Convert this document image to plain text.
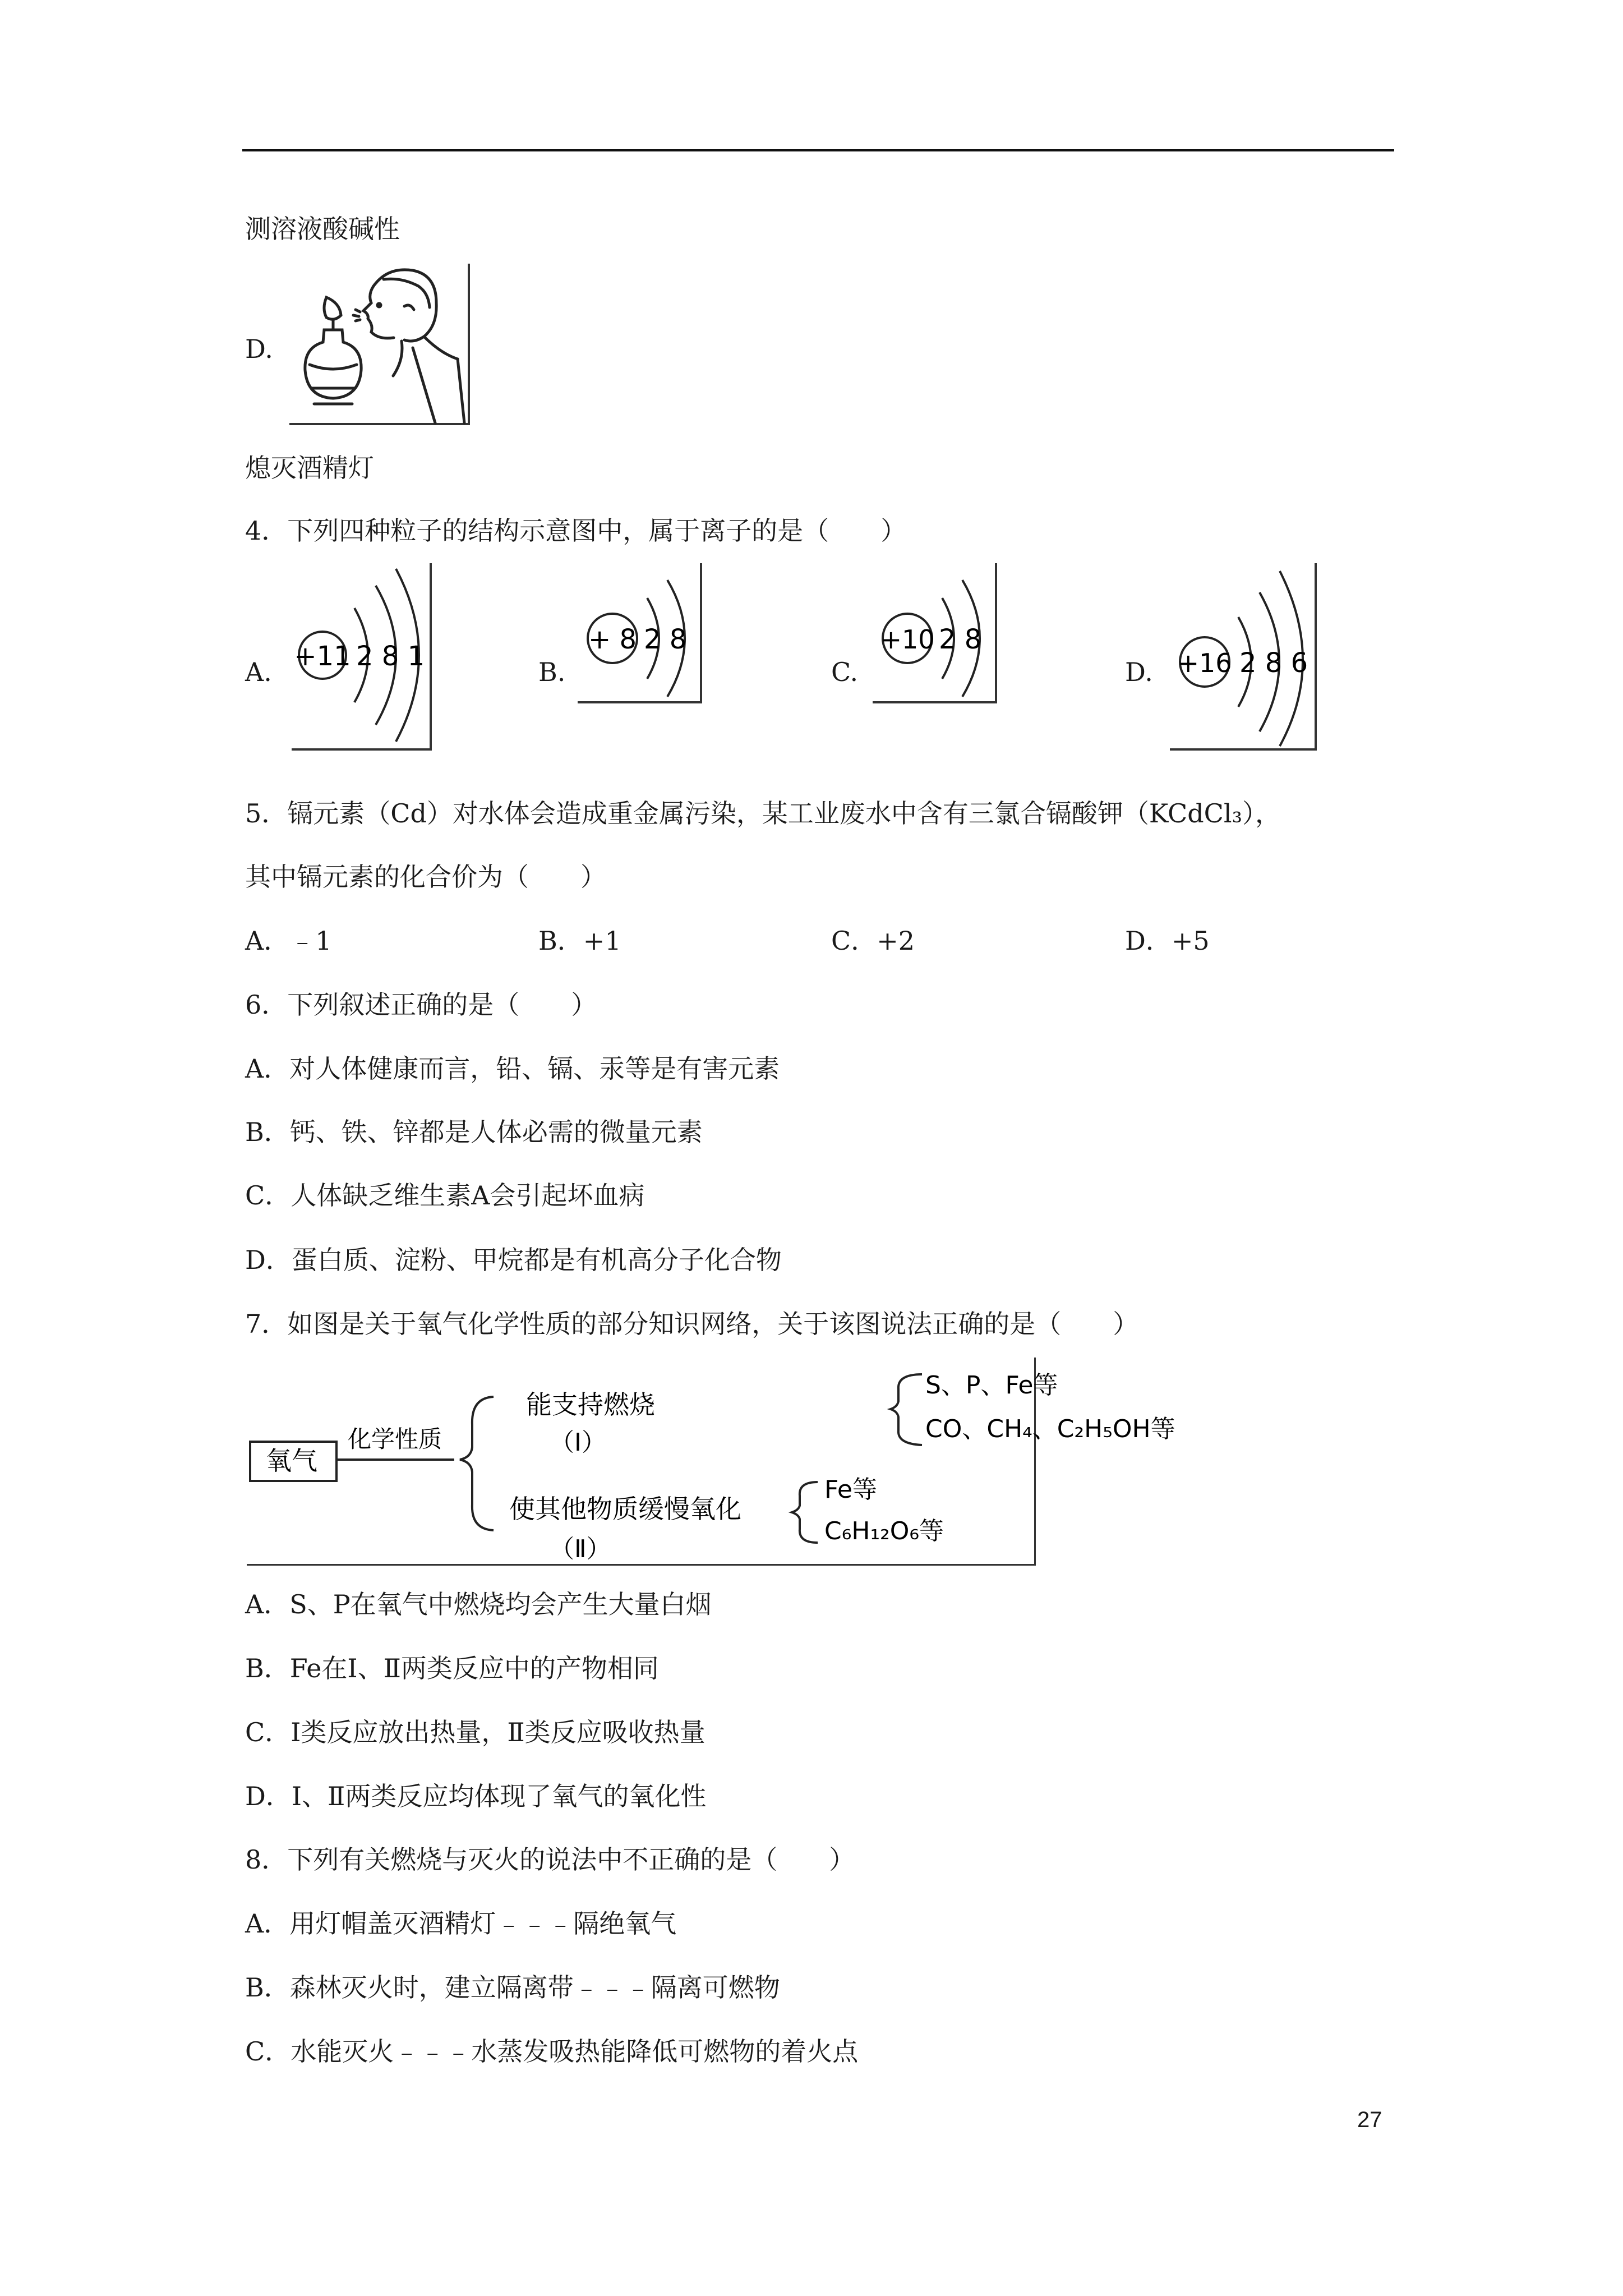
测溶液酸碱性
D.
熄灭酒精灯
4．下列四种粒子的结构示意图中，属于离子的是（　　）
A. +11 2 8 1	B.
+ 8 2 8
C.
+10 2 8
D. +16 2 8 6
5．镉元素（Cd）对水体会造成重金属污染，某工业废水中含有三氯合镉酸钾（KCdCl₃），
其中镉元素的化合价为（　　）
A．﹣1	B．+1	C．+2	D．+5
6．下列叙述正确的是（　　）
A．对人体健康而言，铅、镉、汞等是有害元素
B．钙、铁、锌都是人体必需的微量元素
C．人体缺乏维生素A会引起坏血病
D．蛋白质、淀粉、甲烷都是有机高分子化合物
7．如图是关于氧气化学性质的部分知识网络，关于该图说法正确的是（　　）
氧气
化学性质
能支持燃烧
（Ⅰ）
S、P、Fe等
CO、CH₄、C₂H₅OH等
使其他物质缓慢氧化
（Ⅱ）
Fe等
C₆H₁₂O₆等
A．S、P在氧气中燃烧均会产生大量白烟
B．Fe在Ⅰ、Ⅱ两类反应中的产物相同
C．Ⅰ类反应放出热量，Ⅱ类反应吸收热量
D．Ⅰ、Ⅱ两类反应均体现了氧气的氧化性
8．下列有关燃烧与灭火的说法中不正确的是（　　）
A．用灯帽盖灭酒精灯﹣﹣﹣隔绝氧气
B．森林灭火时，建立隔离带﹣﹣﹣隔离可燃物
C．水能灭火﹣﹣﹣水蒸发吸热能降低可燃物的着火点
27
